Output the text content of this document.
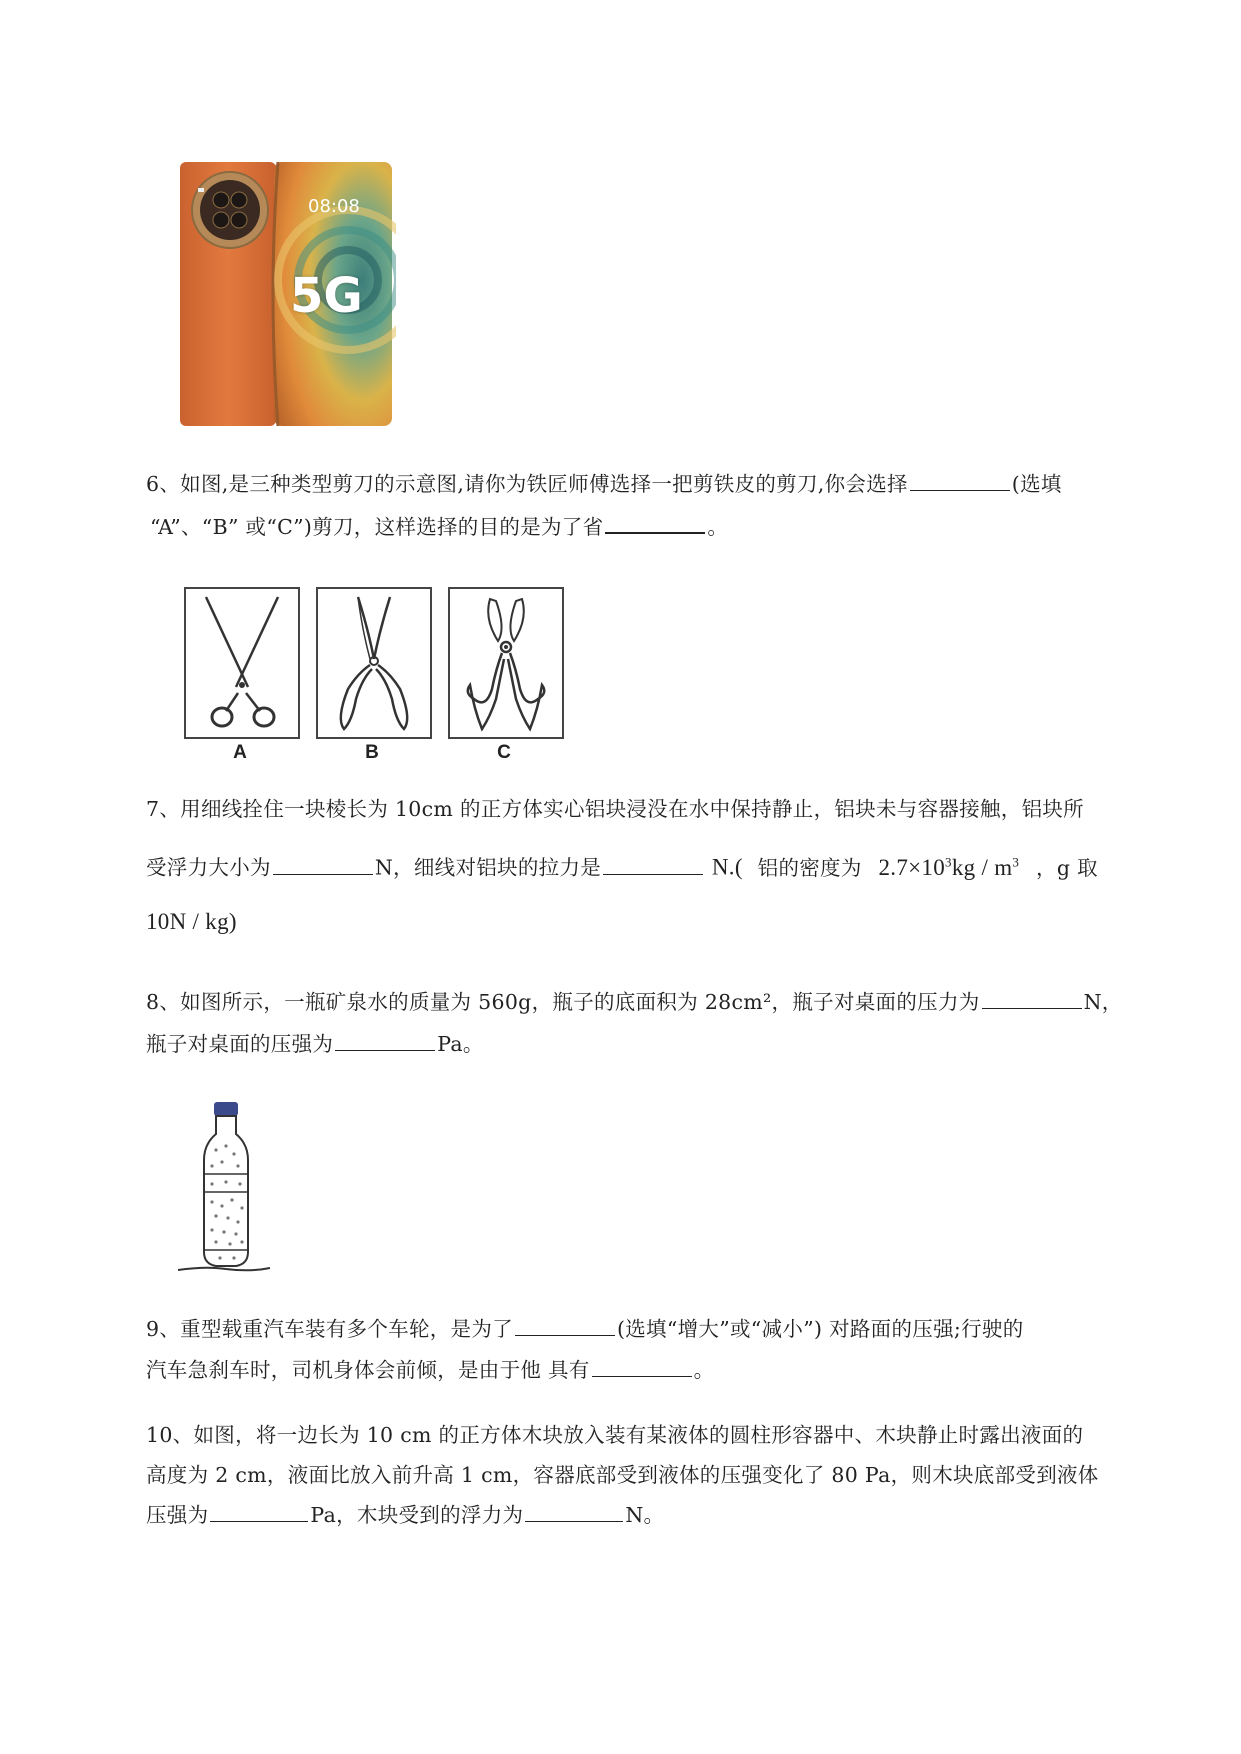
08:08
5G
6、如图,是三种类型剪刀的示意图,请你为铁匠师傅选择一把剪铁皮的剪刀,你会选择	(选填
“A”、“B” 或“C”)剪刀，这样选择的目的是为了省	。
A	B	C
7、用细线拴住一块棱长为 10cm 的正方体实心铝块浸没在水中保持静止，铝块未与容器接触，铝块所
受浮力大小为	N，细线对铝块的拉力是	N.( 铝的密度为 $2.7\times 10^3kg / m^3$ ，g 取
10N / kg)
8、如图所示，一瓶矿泉水的质量为 560g，瓶子的底面积为 28cm²，瓶子对桌面的压力为	N，
瓶子对桌面的压强为	Pa。
9、重型载重汽车装有多个车轮，是为了	(选填“增大”或“减小”) 对路面的压强;行驶的
汽车急刹车时，司机身体会前倾，是由于他 具有	。
10、如图，将一边长为 10 cm 的正方体木块放入装有某液体的圆柱形容器中、木块静止时露出液面的
高度为 2 cm，液面比放入前升高 1 cm，容器底部受到液体的压强变化了 80 Pa，则木块底部受到液体
压强为	Pa，木块受到的浮力为	N。
